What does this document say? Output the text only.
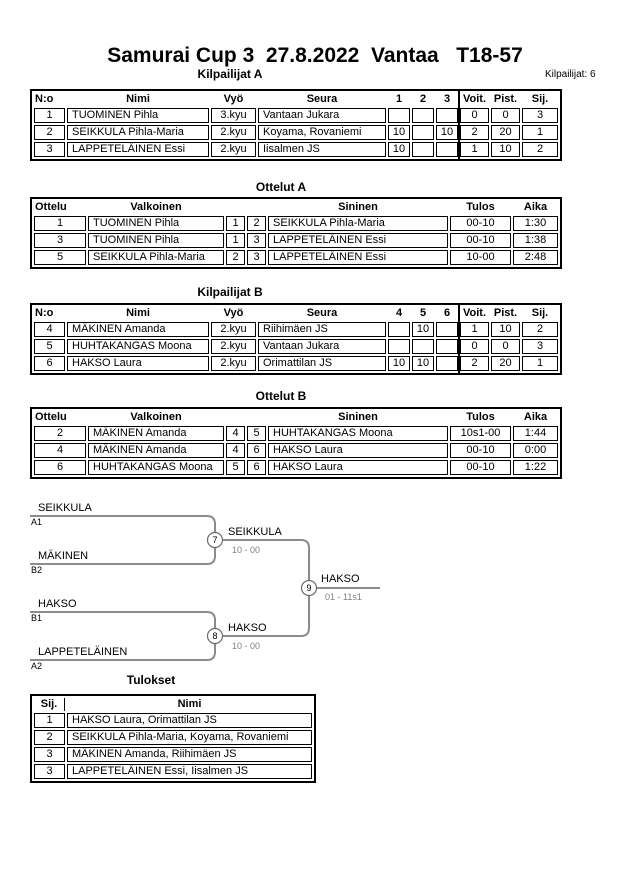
Samurai Cup 3  27.8.2022  Vantaa   T18-57
Kilpailijat: 6
Kilpailijat A
N:o	Nimi	Vyö	Seura	1	2	3	Voit.	Pist.	Sij.
1	TUOMINEN Pihla	3.kyu	Vantaan Jukara				0	0	3
2	SEIKKULA Pihla-Maria	2.kyu	Koyama, Rovaniemi	10		10	2	20	1
3	LAPPETELÄINEN Essi	2.kyu	Iisalmen JS	10			1	10	2
Ottelut A
Ottelu	Valkoinen			Sininen	Tulos	Aika
1	TUOMINEN Pihla	1	2	SEIKKULA Pihla-Maria	00-10	1:30
3	TUOMINEN Pihla	1	3	LAPPETELÄINEN Essi	00-10	1:38
5	SEIKKULA Pihla-Maria	2	3	LAPPETELÄINEN Essi	10-00	2:48
Kilpailijat B
N:o	Nimi	Vyö	Seura	4	5	6	Voit.	Pist.	Sij.
4	MÄKINEN Amanda	2.kyu	Riihimäen JS		10		1	10	2
5	HUHTAKANGAS Moona	2.kyu	Vantaan Jukara				0	0	3
6	HAKSO Laura	2.kyu	Orimattilan JS	10	10		2	20	1
Ottelut B
Ottelu	Valkoinen			Sininen	Tulos	Aika
2	MÄKINEN Amanda	4	5	HUHTAKANGAS Moona	10s1-00	1:44
4	MÄKINEN Amanda	4	6	HAKSO Laura	00-10	0:00
6	HUHTAKANGAS Moona	5	6	HAKSO Laura	00-10	1:22
SEIKKULA
A1
MÄKINEN
B2
HAKSO
B1
LAPPETELÄINEN
A2
7
SEIKKULA
10 - 00
8
HAKSO
10 - 00
9
HAKSO
01 - 11s1
Tulokset
Sij.	Nimi
1	HAKSO Laura, Orimattilan JS
2	SEIKKULA Pihla-Maria, Koyama, Rovaniemi
3	MÄKINEN Amanda, Riihimäen JS
3	LAPPETELÄINEN Essi, Iisalmen JS
